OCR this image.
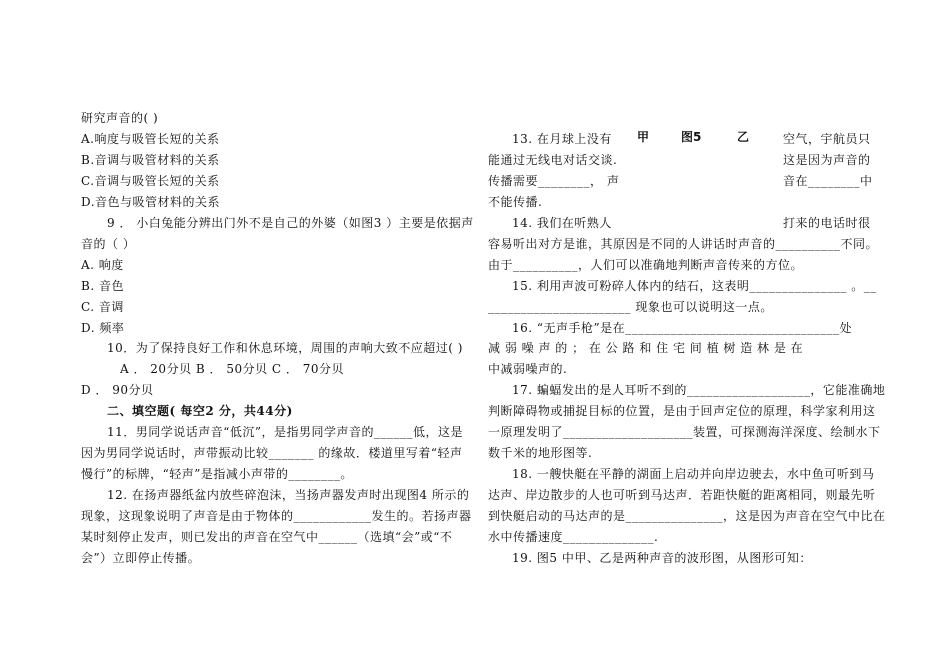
研究声音的( )
A.响度与吸管长短的关系
B.音调与吸管材料的关系
C.音调与吸管长短的关系
D.音色与吸管材料的关系
9 ． 小白兔能分辨出门外不是自己的外婆（如图3 ）主要是依据声
音的（ ）
A. 响度
B. 音色
C. 音调
D. 频率
10．为了保持良好工作和休息环境，周围的声响大致不应超过( )
A ． 20分贝 B ． 50分贝 C ． 70分贝
D ． 90分贝
二、填空题( 每空2 分，共44分)
11．男同学说话声音“低沉”，是指男同学声音的______低，这是
因为男同学说话时，声带振动比较_______ 的缘故．楼道里写着“轻声
慢行”的标牌，“轻声”是指减小声带的________。
12. 在扬声器纸盆内放些碎泡沫，当扬声器发声时出现图4 所示的
现象，这现象说明了声音是由于物体的____________发生的。若扬声器
某时刻停止发声，则已发出的声音在空气中______（选填“会”或“不
会”）立即停止传播。
甲	图5	乙
13. 在月球上没有	空气，宇航员只
能通过无线电对话交谈.	这是因为声音的
传播需要________， 声	音在________中
不能传播.
14. 我们在听熟人	打来的电话时很
容易听出对方是谁，其原因是不同的人讲话时声音的__________不同。
由于__________，人们可以准确地判断声音传来的方位。
15. 利用声波可粉碎人体内的结石，这表明_______________ 。__
______________________ 现象也可以说明这一点。
16. “无声手枪”是在_________________________________处
减 弱 噪 声 的 ； 在 公 路 和 住 宅 间 植 树 造 林 是 在
中减弱噪声的.
17. 蝙蝠发出的是人耳听不到的___________________，它能准确地
判断障碍物或捕捉目标的位置，是由于回声定位的原理，科学家利用这
一原理发明了____________________装置，可探测海洋深度、绘制水下
数千米的地形图等.
18. 一艘快艇在平静的湖面上启动并向岸边驶去，水中鱼可听到马
达声、岸边散步的人也可听到马达声．若距快艇的距离相同，则最先听
到快艇启动的马达声的是_______________，这是因为声音在空气中比在
水中传播速度______________.
19. 图5 中甲、乙是两种声音的波形图，从图形可知：
